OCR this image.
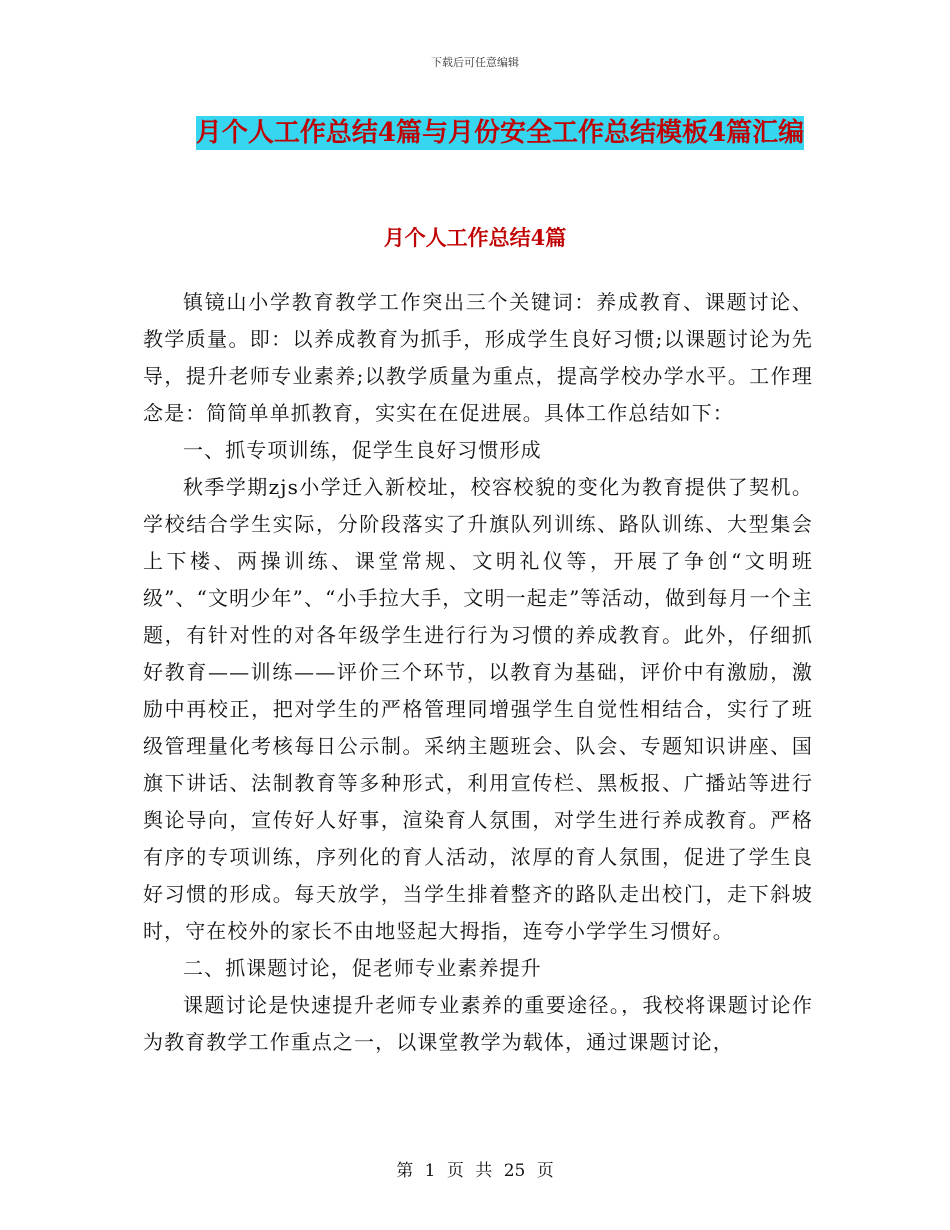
下载后可任意编辑
月个人工作总结4篇与月份安全工作总结模板4篇汇编
月个人工作总结4篇

镇镜山小学教育教学工作突出三个关键词：养成教育、课题讨论、教学质量。即：以养成教育为抓手，形成学生良好习惯;以课题讨论为先导，提升老师专业素养;以教学质量为重点，提高学校办学水平。工作理念是：简简单单抓教育，实实在在促进展。具体工作总结如下：

一、抓专项训练，促学生良好习惯形成

秋季学期zjs小学迁入新校址，校容校貌的变化为教育提供了契机。学校结合学生实际，分阶段落实了升旗队列训练、路队训练、大型集会上下楼、两操训练、课堂常规、文明礼仪等，开展了争创“文明班级”、“文明少年”、“小手拉大手，文明一起走”等活动，做到每月一个主题，有针对性的对各年级学生进行行为习惯的养成教育。此外，仔细抓好教育——训练——评价三个环节，以教育为基础，评价中有激励，激励中再校正，把对学生的严格管理同增强学生自觉性相结合，实行了班级管理量化考核每日公示制。采纳主题班会、队会、专题知识讲座、国旗下讲话、法制教育等多种形式，利用宣传栏、黑板报、广播站等进行舆论导向，宣传好人好事，渲染育人氛围，对学生进行养成教育。严格有序的专项训练，序列化的育人活动，浓厚的育人氛围，促进了学生良好习惯的形成。每天放学，当学生排着整齐的路队走出校门，走下斜坡时，守在校外的家长不由地竖起大拇指，连夸小学学生习惯好。

二、抓课题讨论，促老师专业素养提升

课题讨论是快速提升老师专业素养的重要途径。，我校将课题讨论作为教育教学工作重点之一，以课堂教学为载体，通过课题讨论，

第 1 页 共 25 页
